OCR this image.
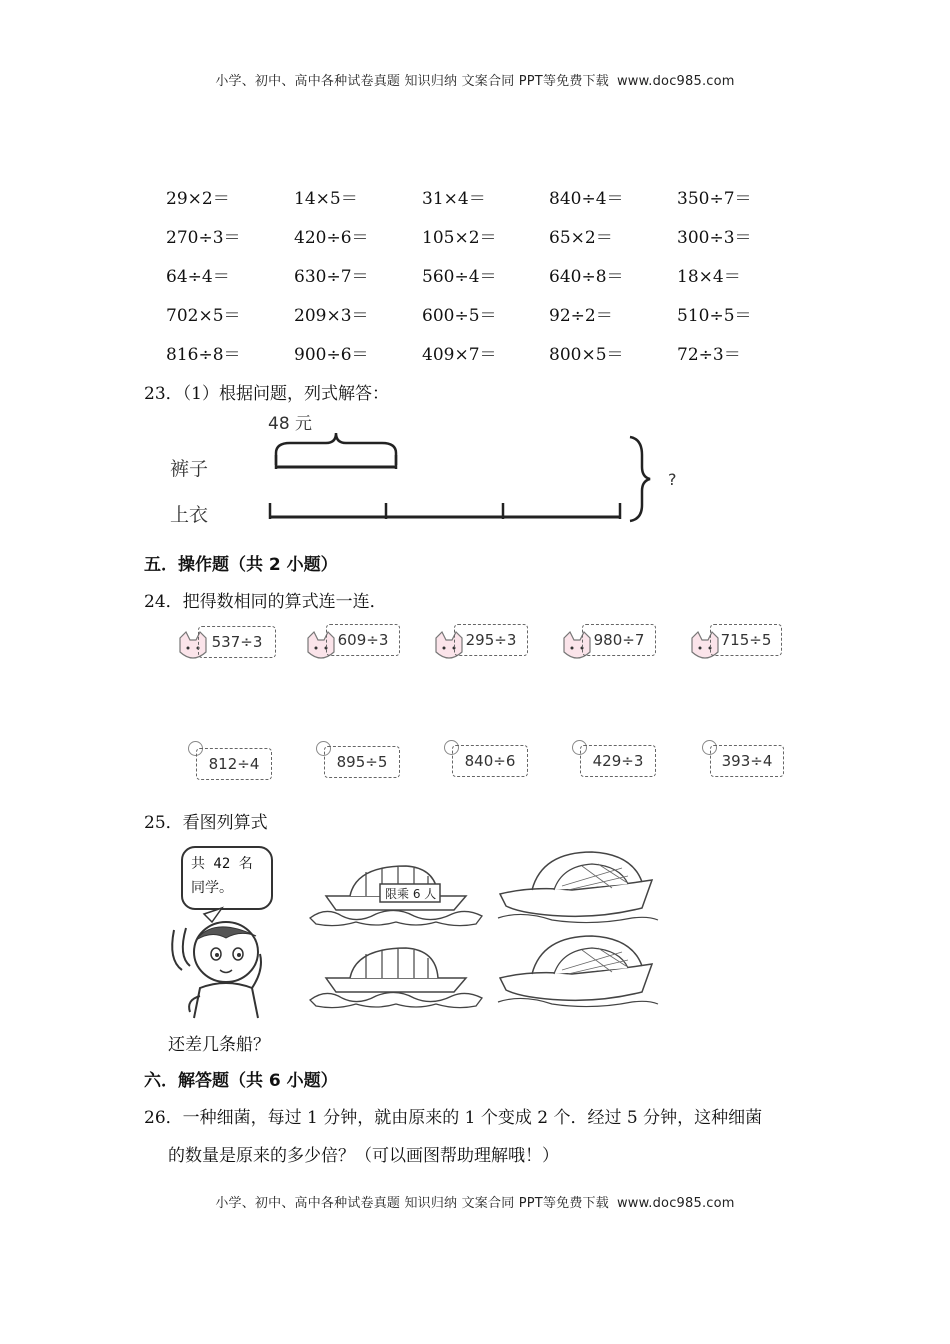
小学、初中、高中各种试卷真题 知识归纳 文案合同 PPT等免费下载 www.doc985.com
29×2＝	14×5＝	31×4＝	840÷4＝	350÷7＝
270÷3＝	420÷6＝	105×2＝	65×2＝	300÷3＝
64÷4＝	630÷7＝	560÷4＝	640÷8＝	18×4＝
702×5＝	209×3＝	600÷5＝	92÷2＝	510÷5＝
816÷8＝	900÷6＝	409×7＝	800×5＝	72÷3＝
23．（1）根据问题，列式解答：
48 元
裤子
上衣
?
五．操作题（共 2 小题）
24．把得数相同的算式连一连．
537÷3	609÷3	295÷3	980÷7	715÷5
812÷4	895÷5	840÷6	429÷3	393÷4
25．看图列算式
共 42 名
同学。	限乘 6 人
还差几条船？
六．解答题（共 6 小题）
26．一种细菌，每过 1 分钟，就由原来的 1 个变成 2 个．经过 5 分钟，这种细菌
的数量是原来的多少倍？（可以画图帮助理解哦！）
小学、初中、高中各种试卷真题 知识归纳 文案合同 PPT等免费下载 www.doc985.com
